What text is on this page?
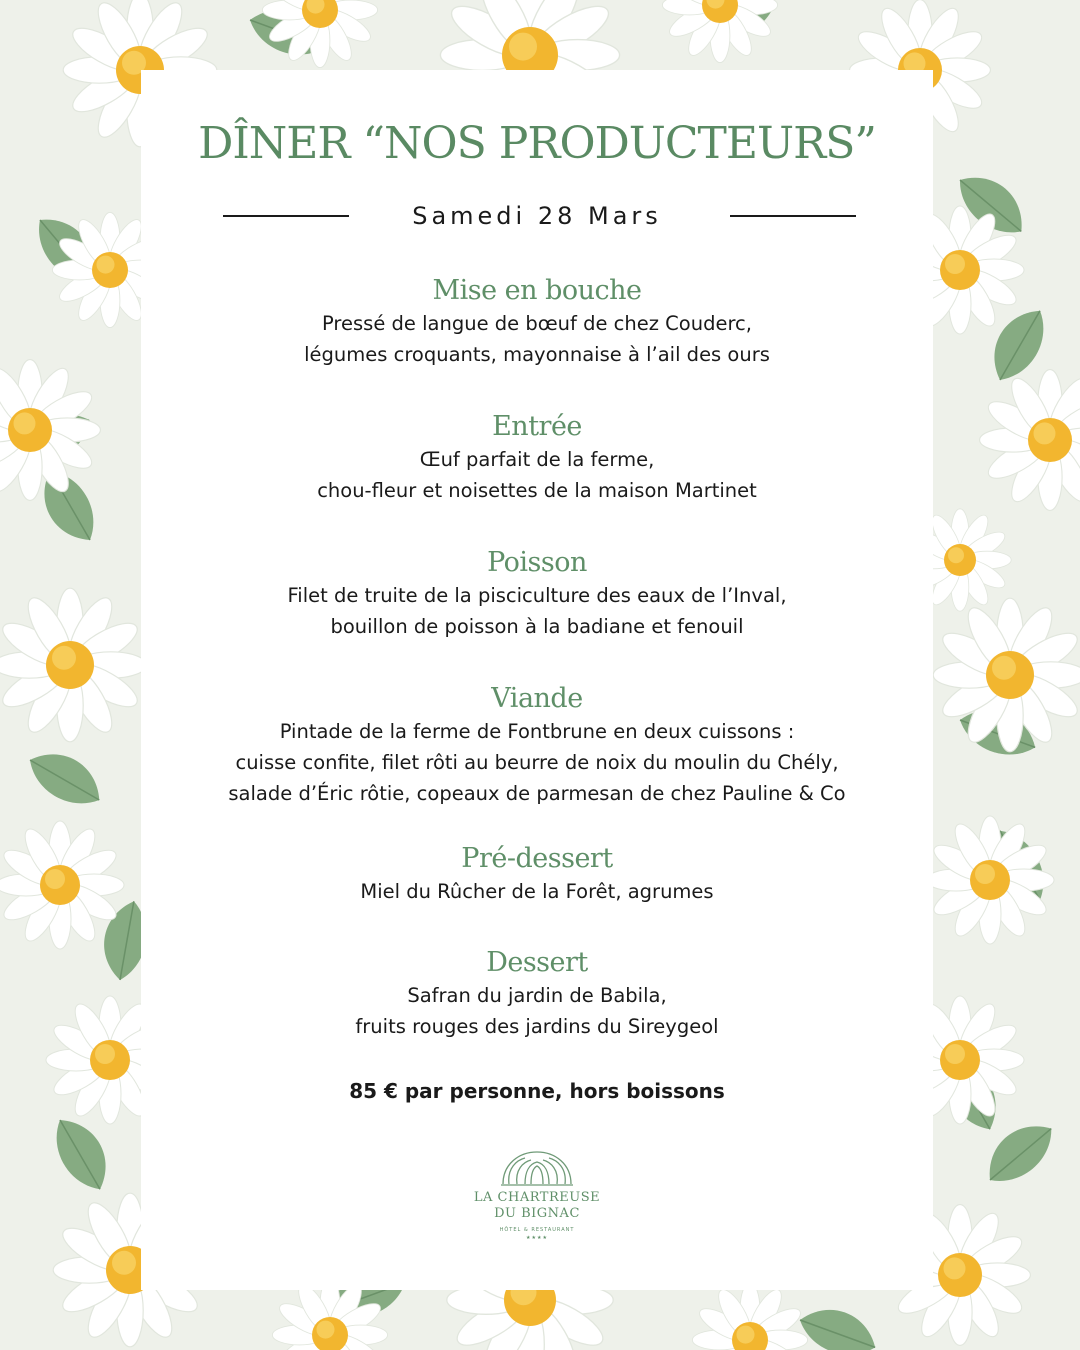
DÎNER “NOS PRODUCTEURS”
Samedi 28 Mars
Mise en bouche

Pressé de langue de bœuf de chez Couderc,

légumes croquants, mayonnaise à l’ail des ours

Entrée

Œuf parfait de la ferme,

chou-fleur et noisettes de la maison Martinet

Poisson

Filet de truite de la pisciculture des eaux de l’Inval,

bouillon de poisson à la badiane et fenouil

Viande

Pintade de la ferme de Fontbrune en deux cuissons :

cuisse confite, filet rôti au beurre de noix du moulin du Chély,

salade d’Éric rôtie, copeaux de parmesan de chez Pauline & Co

Pré-dessert

Miel du Rûcher de la Forêt, agrumes

Dessert

Safran du jardin de Babila,

fruits rouges des jardins du Sireygeol

85 € par personne, hors boissons
LA CHARTREUSE
DU BIGNAC
HÔTEL & RESTAURANT
★★★★
